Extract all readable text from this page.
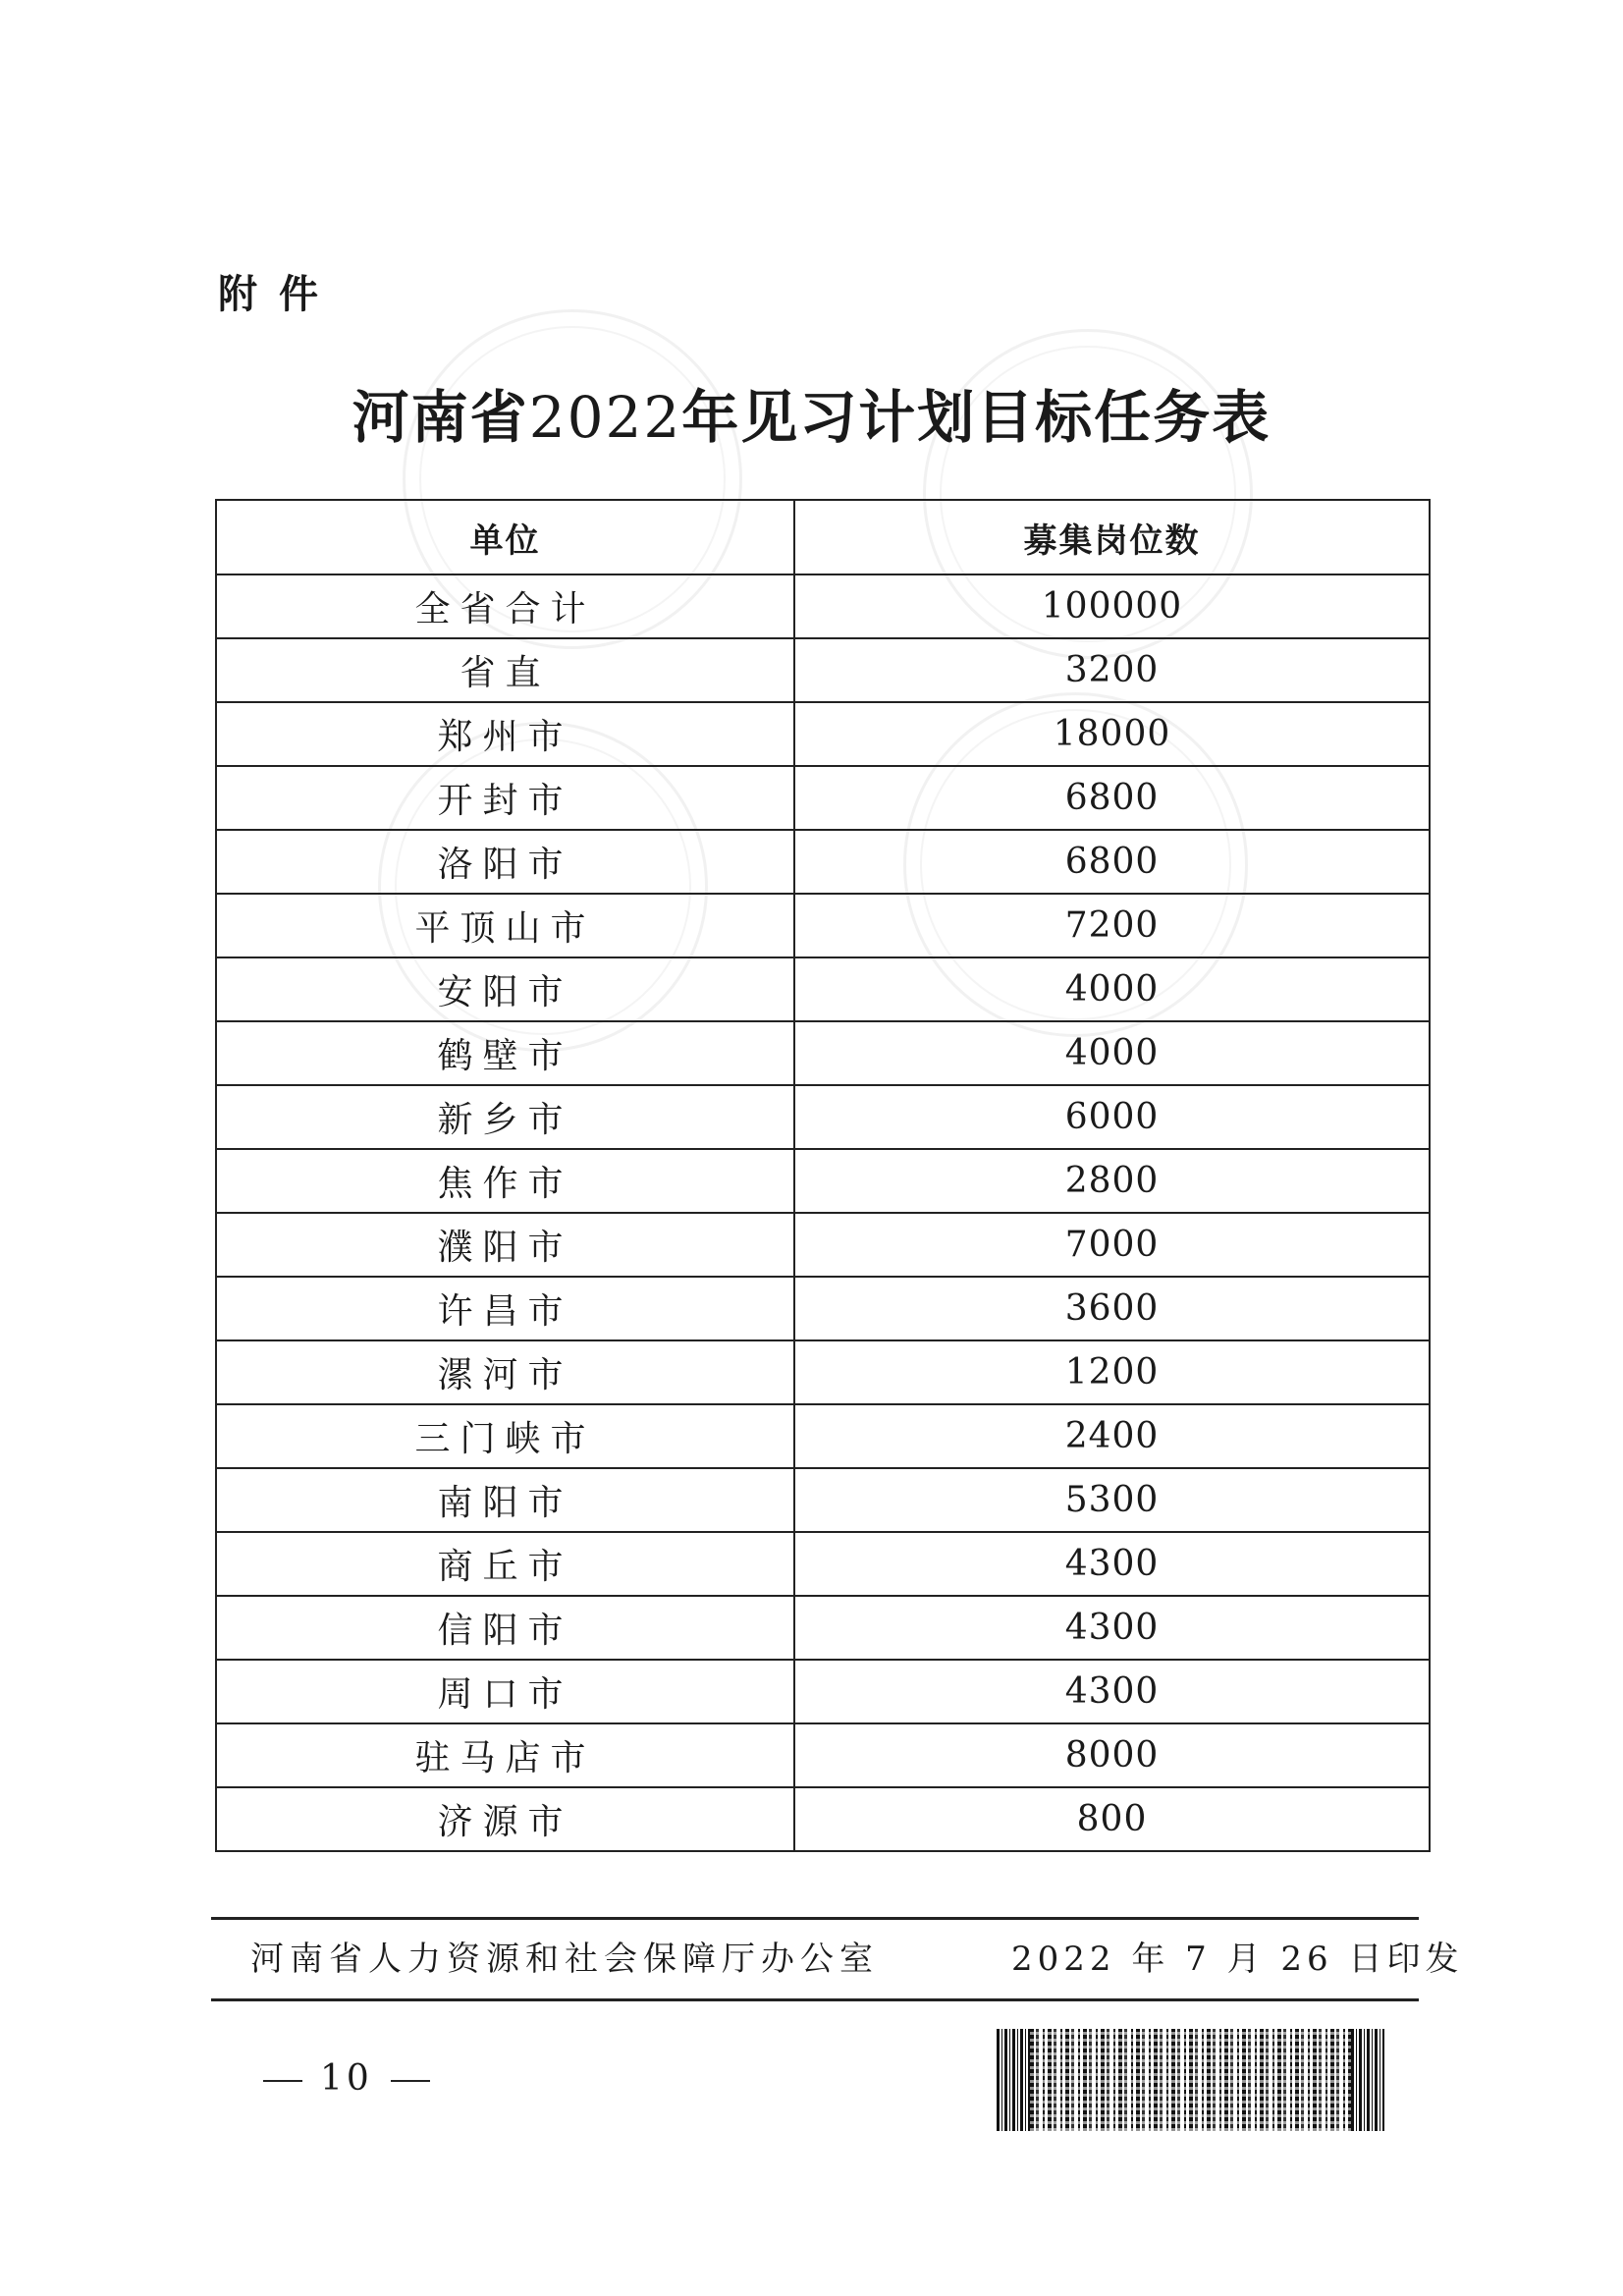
附件
河南省2022年见习计划目标任务表
单位	募集岗位数
全省合计	100000
省直	3200
郑州市	18000
开封市	6800
洛阳市	6800
平顶山市	7200
安阳市	4000
鹤壁市	4000
新乡市	6000
焦作市	2800
濮阳市	7000
许昌市	3600
漯河市	1200
三门峡市	2400
南阳市	5300
商丘市	4300
信阳市	4300
周口市	4300
驻马店市	8000
济源市	800
河南省人力资源和社会保障厅办公室	2022 年 7 月 26 日印发
10
